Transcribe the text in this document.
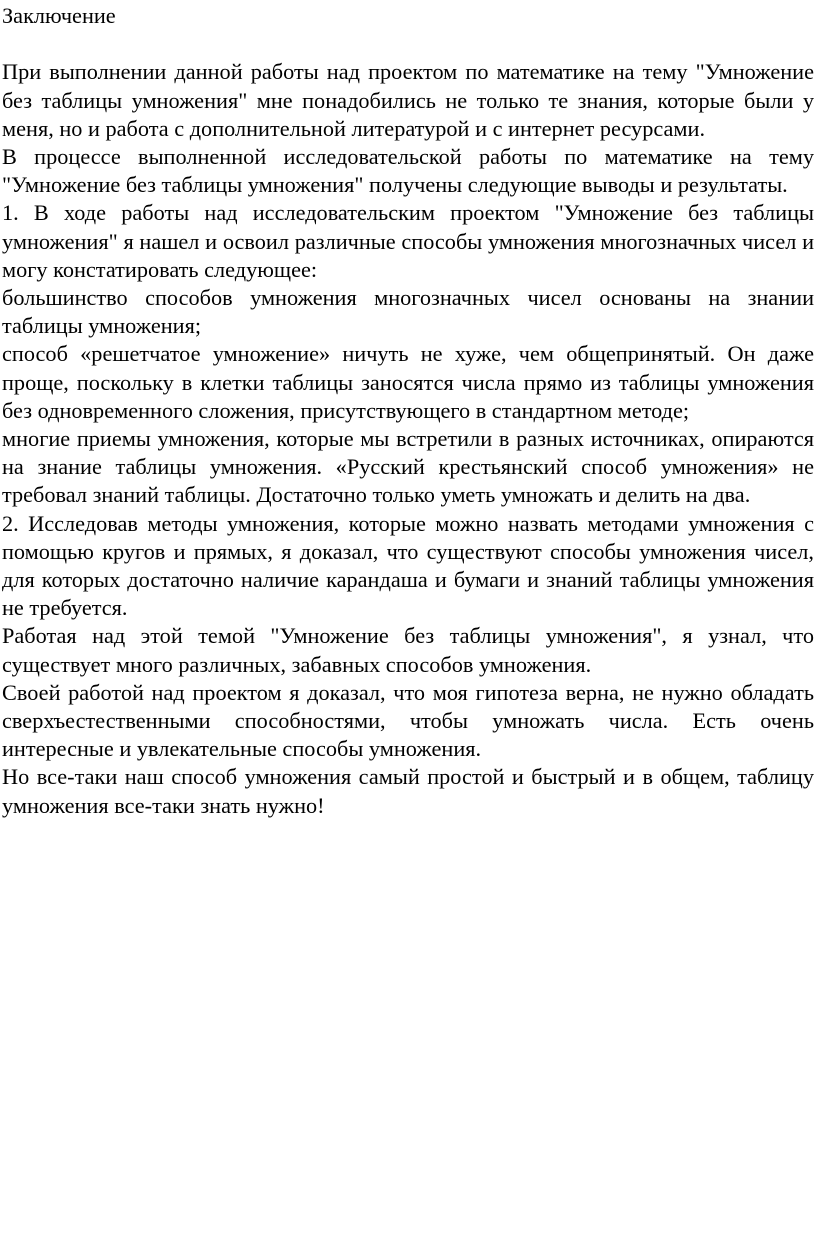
Заключение

При выполнении данной работы над проектом по математике на тему "Умножение без таблицы умножения" мне понадобились не только те знания, которые были у меня, но и работа с дополнительной литературой и с интернет ресурсами.

В процессе выполненной исследовательской работы по математике на тему "Умножение без таблицы умножения" получены следующие выводы и результаты.

1. В ходе работы над исследовательским проектом "Умножение без таблицы умножения" я нашел и освоил различные способы умножения многозначных чисел и могу констатировать следующее:

большинство способов умножения многозначных чисел основаны на знании таблицы умножения;

способ «решетчатое умножение» ничуть не хуже, чем общепринятый. Он даже проще, поскольку в клетки таблицы заносятся числа прямо из таблицы умножения без одновременного сложения, присутствующего в стандартном методе;

многие приемы умножения, которые мы встретили в разных источниках, опираются на знание таблицы умножения. «Русский крестьянский способ умножения» не требовал знаний таблицы. Достаточно только уметь умножать и делить на два.

2. Исследовав методы умножения, которые можно назвать методами умножения с помощью кругов и прямых, я доказал, что существуют способы умножения чисел, для которых достаточно наличие карандаша и бумаги и знаний таблицы умножения не требуется.

Работая над этой темой "Умножение без таблицы умножения", я узнал, что существует много различных, забавных способов умножения.

Своей работой над проектом я доказал, что моя гипотеза верна, не нужно обладать сверхъестественными способностями, чтобы умножать числа. Есть очень интересные и увлекательные способы умножения.

Но все-таки наш способ умножения самый простой и быстрый и в общем, таблицу умножения все-таки знать нужно!
